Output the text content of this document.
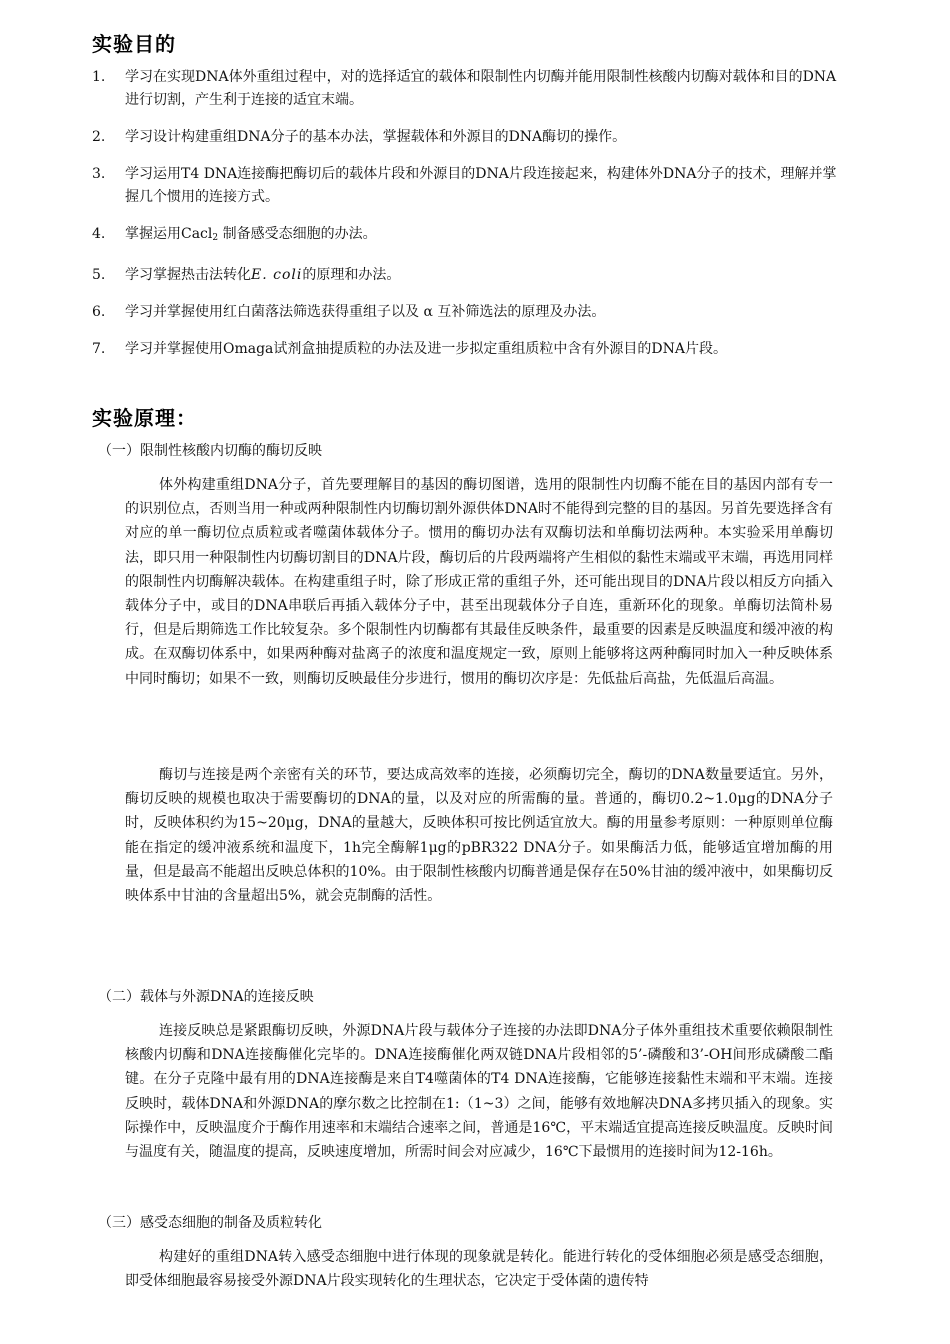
实验目的
1. 学习在实现DNA体外重组过程中，对的选择适宜的载体和限制性内切酶并能用限制性核酸内切酶对载体和目的DNA进行切割，产生利于连接的适宜末端。
2. 学习设计构建重组DNA分子的基本办法，掌握载体和外源目的DNA酶切的操作。
3. 学习运用T4 DNA连接酶把酶切后的载体片段和外源目的DNA片段连接起来，构建体外DNA分子的技术，理解并掌握几个惯用的连接方式。
4. 掌握运用Cacl$_2$ 制备感受态细胞的办法。
5. 学习掌握热击法转化E. coli的原理和办法。
6. 学习并掌握使用红白菌落法筛选获得重组子以及 α 互补筛选法的原理及办法。
7. 学习并掌握使用Omaga试剂盒抽提质粒的办法及进一步拟定重组质粒中含有外源目的DNA片段。
实验原理：
（一）限制性核酸内切酶的酶切反映

体外构建重组DNA分子，首先要理解目的基因的酶切图谱，选用的限制性内切酶不能在目的基因内部有专一的识别位点，否则当用一种或两种限制性内切酶切割外源供体DNA时不能得到完整的目的基因。另首先要选择含有对应的单一酶切位点质粒或者噬菌体载体分子。惯用的酶切办法有双酶切法和单酶切法两种。本实验采用单酶切法，即只用一种限制性内切酶切割目的DNA片段，酶切后的片段两端将产生相似的黏性末端或平末端，再选用同样的限制性内切酶解决载体。在构建重组子时，除了形成正常的重组子外，还可能出现目的DNA片段以相反方向插入载体分子中，或目的DNA串联后再插入载体分子中，甚至出现载体分子自连，重新环化的现象。单酶切法简朴易行，但是后期筛选工作比较复杂。多个限制性内切酶都有其最佳反映条件，最重要的因素是反映温度和缓冲液的构成。在双酶切体系中，如果两种酶对盐离子的浓度和温度规定一致，原则上能够将这两种酶同时加入一种反映体系中同时酶切；如果不一致，则酶切反映最佳分步进行，惯用的酶切次序是：先低盐后高盐，先低温后高温。

酶切与连接是两个亲密有关的环节，要达成高效率的连接，必须酶切完全，酶切的DNA数量要适宜。另外，酶切反映的规模也取决于需要酶切的DNA的量，以及对应的所需酶的量。普通的，酶切0.2~1.0μg的DNA分子时，反映体积约为15~20μg，DNA的量越大，反映体积可按比例适宜放大。酶的用量参考原则：一种原则单位酶能在指定的缓冲液系统和温度下，1h完全酶解1μg的pBR322 DNA分子。如果酶活力低，能够适宜增加酶的用量，但是最高不能超出反映总体积的10%。由于限制性核酸内切酶普通是保存在50%甘油的缓冲液中，如果酶切反映体系中甘油的含量超出5%，就会克制酶的活性。

（二）载体与外源DNA的连接反映

连接反映总是紧跟酶切反映，外源DNA片段与载体分子连接的办法即DNA分子体外重组技术重要依赖限制性核酸内切酶和DNA连接酶催化完毕的。DNA连接酶催化两双链DNA片段相邻的5’-磷酸和3’-OH间形成磷酸二酯键。在分子克隆中最有用的DNA连接酶是来自T4噬菌体的T4 DNA连接酶，它能够连接黏性末端和平末端。连接反映时，载体DNA和外源DNA的摩尔数之比控制在1:（1~3）之间，能够有效地解决DNA多拷贝插入的现象。实际操作中，反映温度介于酶作用速率和末端结合速率之间，普通是16℃，平末端适宜提高连接反映温度。反映时间与温度有关，随温度的提高，反映速度增加，所需时间会对应减少，16℃下最惯用的连接时间为12-16h。

（三）感受态细胞的制备及质粒转化

构建好的重组DNA转入感受态细胞中进行体现的现象就是转化。能进行转化的受体细胞必须是感受态细胞，即受体细胞最容易接受外源DNA片段实现转化的生理状态，它决定于受体菌的遗传特
